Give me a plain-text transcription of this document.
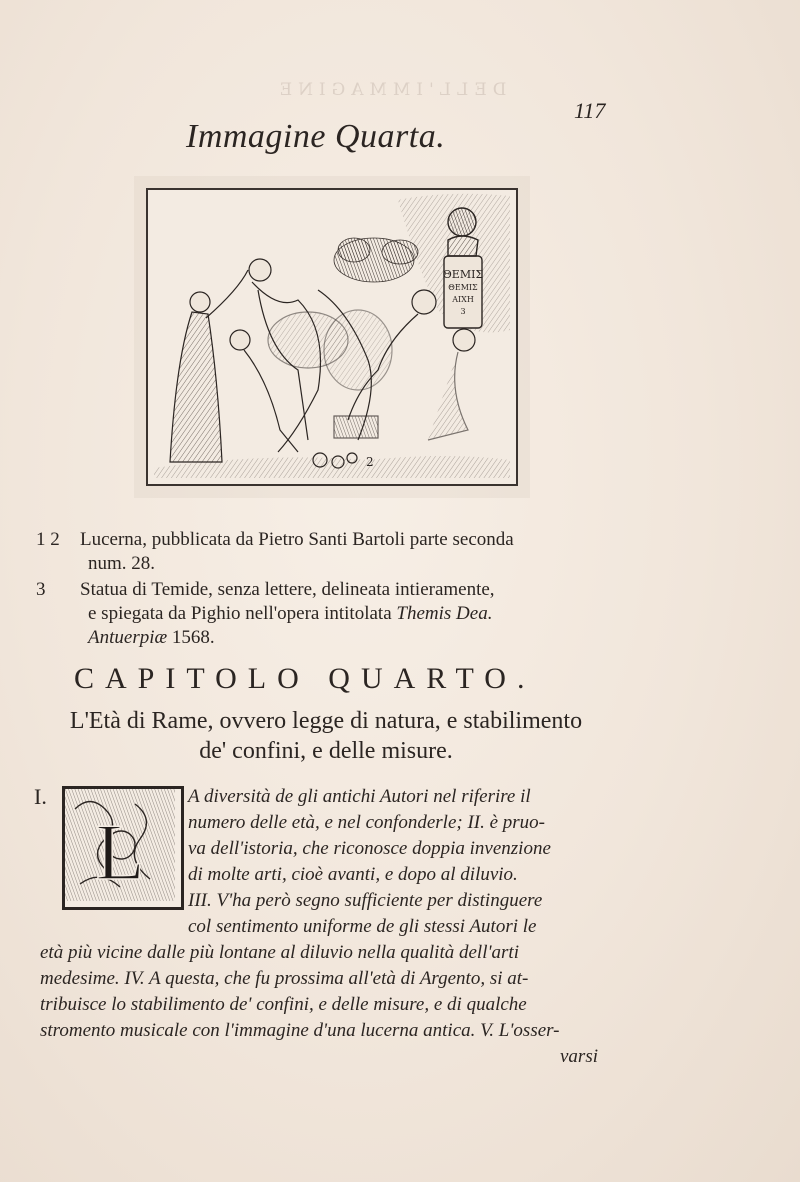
DELL'IMMAGINE
117
Immagine Quarta.
ΘΕΜΙΣ
ΘΕΜΙΣ
ΑΙΧΗ
3
2
1 2 Lucerna, pubblicata da Pietro Santi Bartoli parte seconda
num. 28.
3 Statua di Temide, senza lettere, delineata intieramente,
e spiegata da Pighio nell'opera intitolata Themis Dea.
Antuerpiæ 1568.
CAPITOLO QUARTO.
L'Età di Rame, ovvero legge di natura, e stabilimento
de' confini, e delle misure.
I.
L
A diversità de gli antichi Autori nel riferire il
numero delle età, e nel confonderle; II. è pruo-
va dell'istoria, che riconosce doppia invenzione
di molte arti, cioè avanti, e dopo al diluvio.
III. V'ha però segno sufficiente per distinguere
col sentimento uniforme de gli stessi Autori le
età più vicine dalle più lontane al diluvio nella qualità dell'arti
medesime. IV. A questa, che fu prossima all'età di Argento, si at-
tribuisce lo stabilimento de' confini, e delle misure, e di qualche
stromento musicale con l'immagine d'una lucerna antica. V. L'osser-
varsi
